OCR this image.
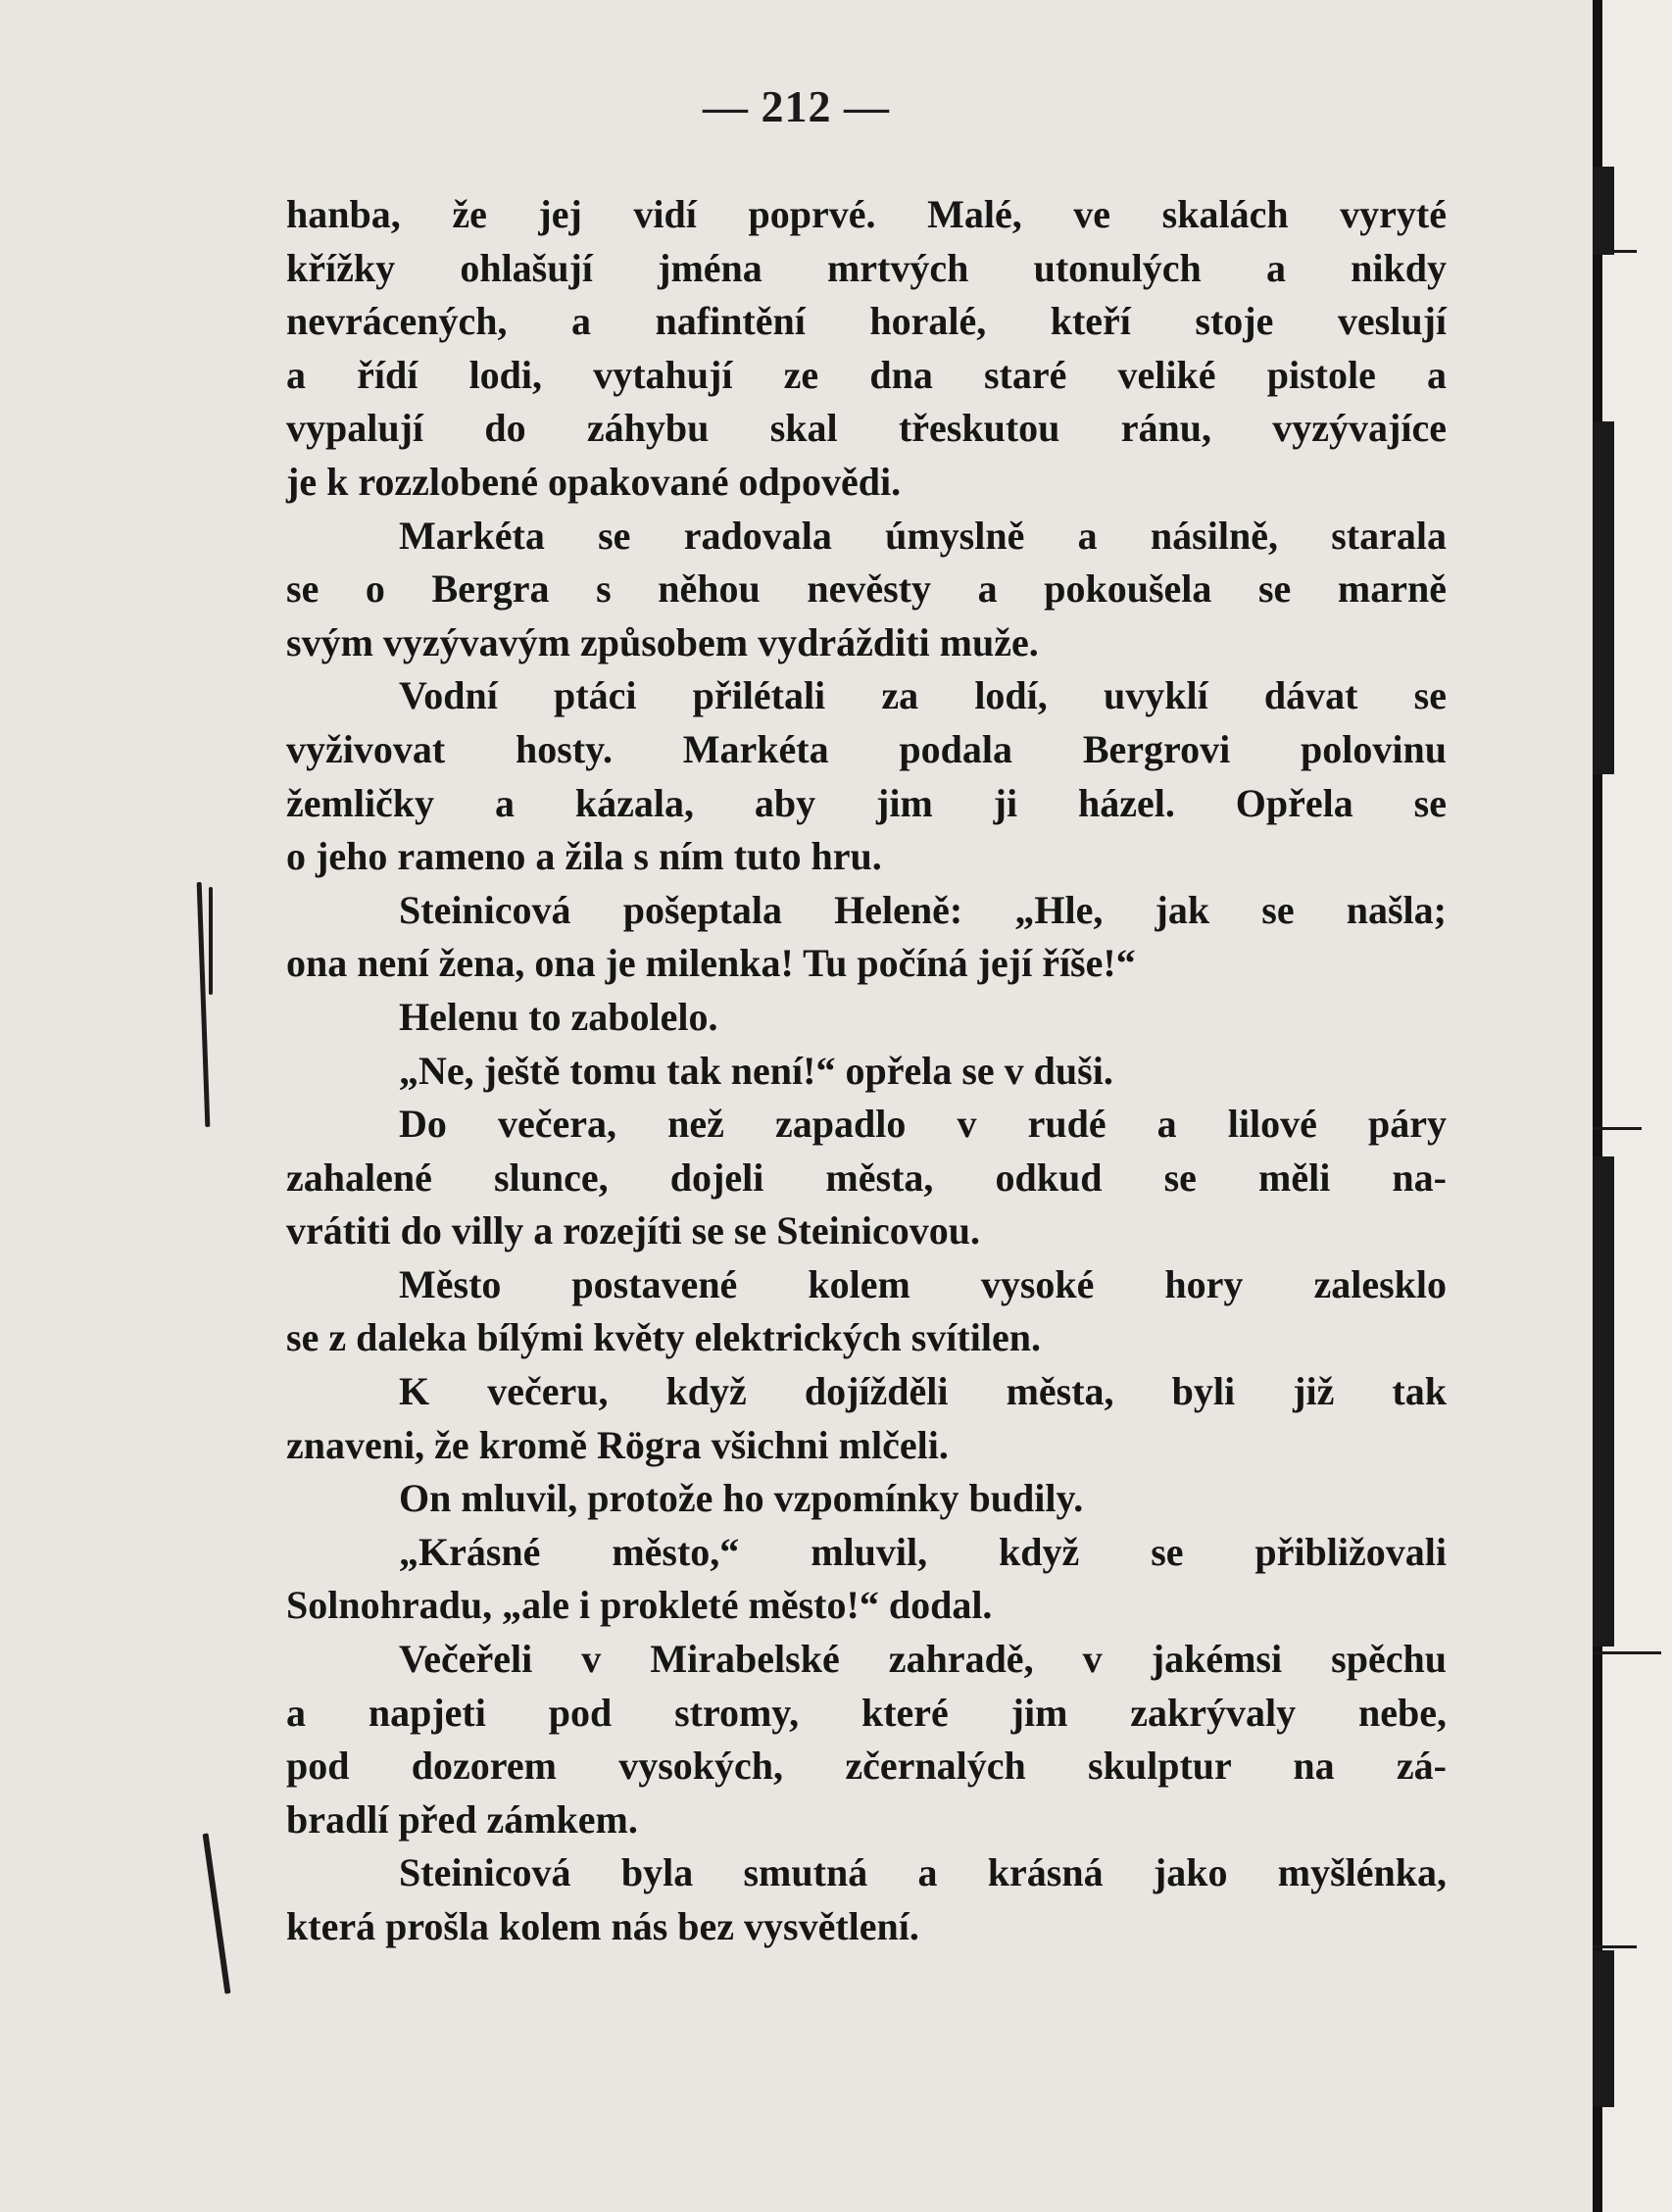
— 212 —

hanba, že jej vidí poprvé. Malé, ve skalách vyryté

křížky ohlašují jména mrtvých utonulých a nikdy

nevrácených, a nafintění horalé, kteří stoje veslují

a řídí lodi, vytahují ze dna staré veliké pistole a

vypalují do záhybu skal třeskutou ránu, vyzývajíce

je k rozzlobené opakované odpovědi.

Markéta se radovala úmyslně a násilně, starala

se o Bergra s něhou nevěsty a pokoušela se marně

svým vyzývavým způsobem vydrážditi muže.

Vodní ptáci přilétali za lodí, uvyklí dávat se

vyživovat hosty. Markéta podala Bergrovi polovinu

žemličky a kázala, aby jim ji házel. Opřela se

o jeho rameno a žila s ním tuto hru.

Steinicová pošeptala Heleně: „Hle, jak se našla;

ona není žena, ona je milenka! Tu počíná její říše!“

Helenu to zabolelo.

„Ne, ještě tomu tak není!“ opřela se v duši.

Do večera, než zapadlo v rudé a lilové páry

zahalené slunce, dojeli města, odkud se měli na-

vrátiti do villy a rozejíti se se Steinicovou.

Město postavené kolem vysoké hory zalesklo

se z daleka bílými květy elektrických svítilen.

K večeru, když dojížděli města, byli již tak

znaveni, že kromě Rögra všichni mlčeli.

On mluvil, protože ho vzpomínky budily.

„Krásné město,“ mluvil, když se přibližovali

Solnohradu, „ale i prokleté město!“ dodal.

Večeřeli v Mirabelské zahradě, v jakémsi spěchu

a napjeti pod stromy, které jim zakrývaly nebe,

pod dozorem vysokých, zčernalých skulptur na zá-

bradlí před zámkem.

Steinicová byla smutná a krásná jako myšlénka,

která prošla kolem nás bez vysvětlení.
